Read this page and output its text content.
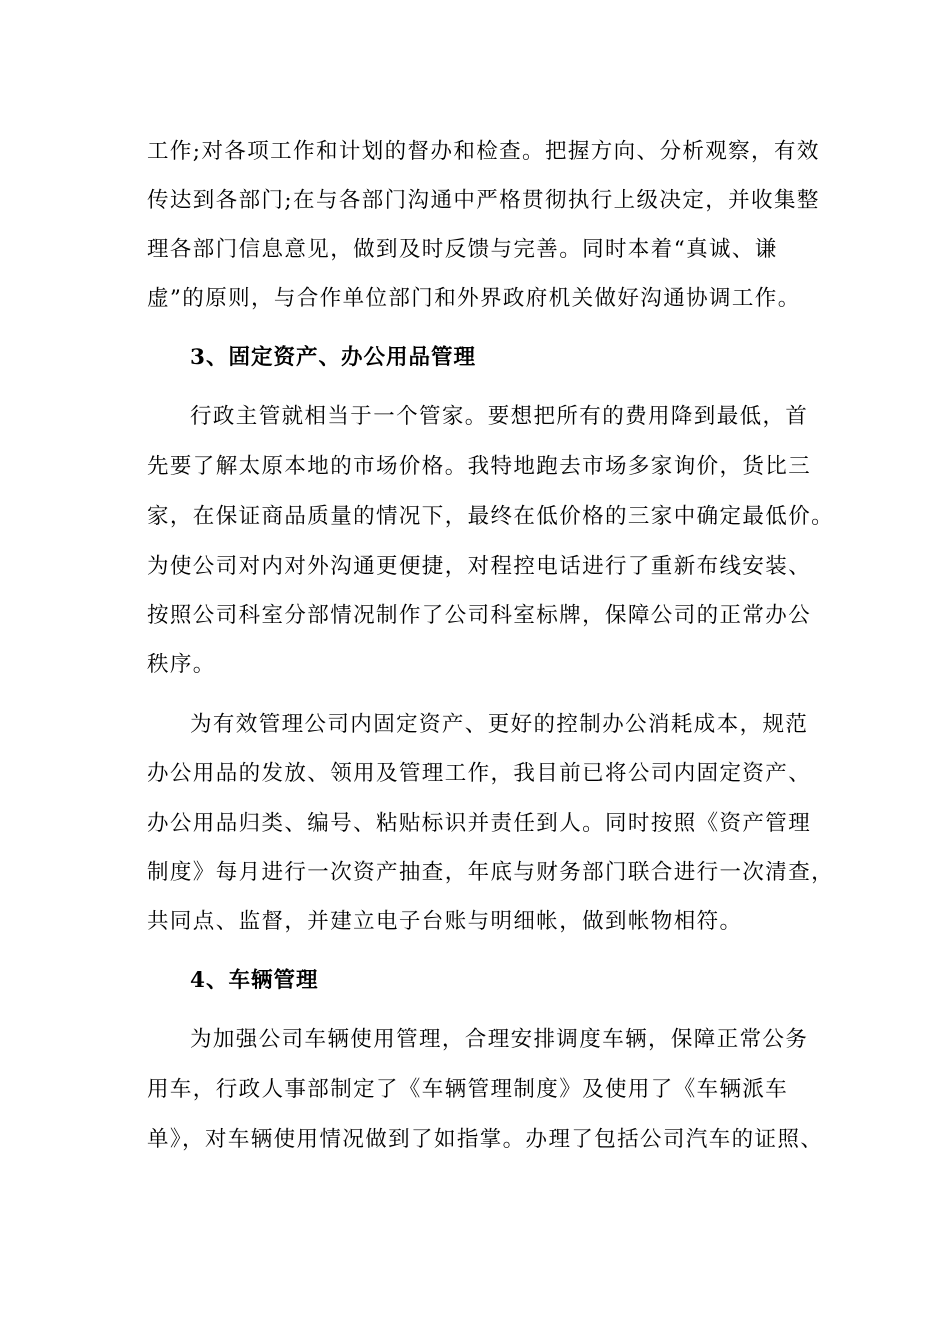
工作;对各项工作和计划的督办和检查。把握方向、分析观察，有效
传达到各部门;在与各部门沟通中严格贯彻执行上级决定，并收集整
理各部门信息意见，做到及时反馈与完善。同时本着“真诚、谦
虚”的原则，与合作单位部门和外界政府机关做好沟通协调工作。
3、固定资产、办公用品管理
行政主管就相当于一个管家。要想把所有的费用降到最低，首
先要了解太原本地的市场价格。我特地跑去市场多家询价，货比三
家，在保证商品质量的情况下，最终在低价格的三家中确定最低价。
为使公司对内对外沟通更便捷，对程控电话进行了重新布线安装、
按照公司科室分部情况制作了公司科室标牌，保障公司的正常办公
秩序。
为有效管理公司内固定资产、更好的控制办公消耗成本，规范
办公用品的发放、领用及管理工作，我目前已将公司内固定资产、
办公用品归类、编号、粘贴标识并责任到人。同时按照《资产管理
制度》每月进行一次资产抽查，年底与财务部门联合进行一次清查，
共同点、监督，并建立电子台账与明细帐，做到帐物相符。
4、车辆管理
为加强公司车辆使用管理，合理安排调度车辆，保障正常公务
用车，行政人事部制定了《车辆管理制度》及使用了《车辆派车
单》，对车辆使用情况做到了如指掌。办理了包括公司汽车的证照、
